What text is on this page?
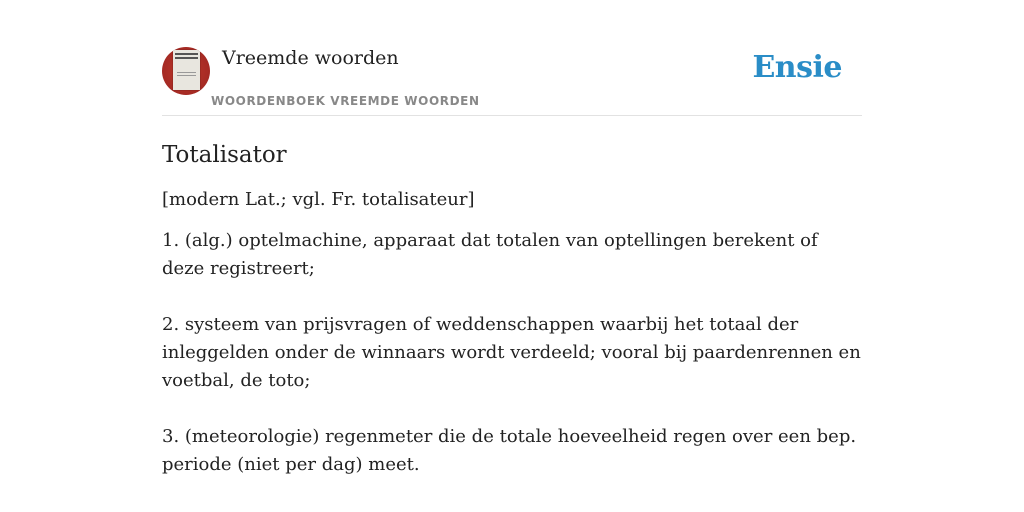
Vreemde woorden
WOORDENBOEK VREEMDE WOORDEN
Ensie
Totalisator
[modern Lat.; vgl. Fr. totalisateur]

1. (alg.) optelmachine, apparaat dat totalen van optellingen berekent of deze registreert;

2. systeem van prijsvragen of weddenschappen waarbij het totaal der inleggelden onder de winnaars wordt verdeeld; vooral bij paardenrennen en voetbal, de toto;

3. (meteorologie) regenmeter die de totale hoeveelheid regen over een bep. periode (niet per dag) meet.
